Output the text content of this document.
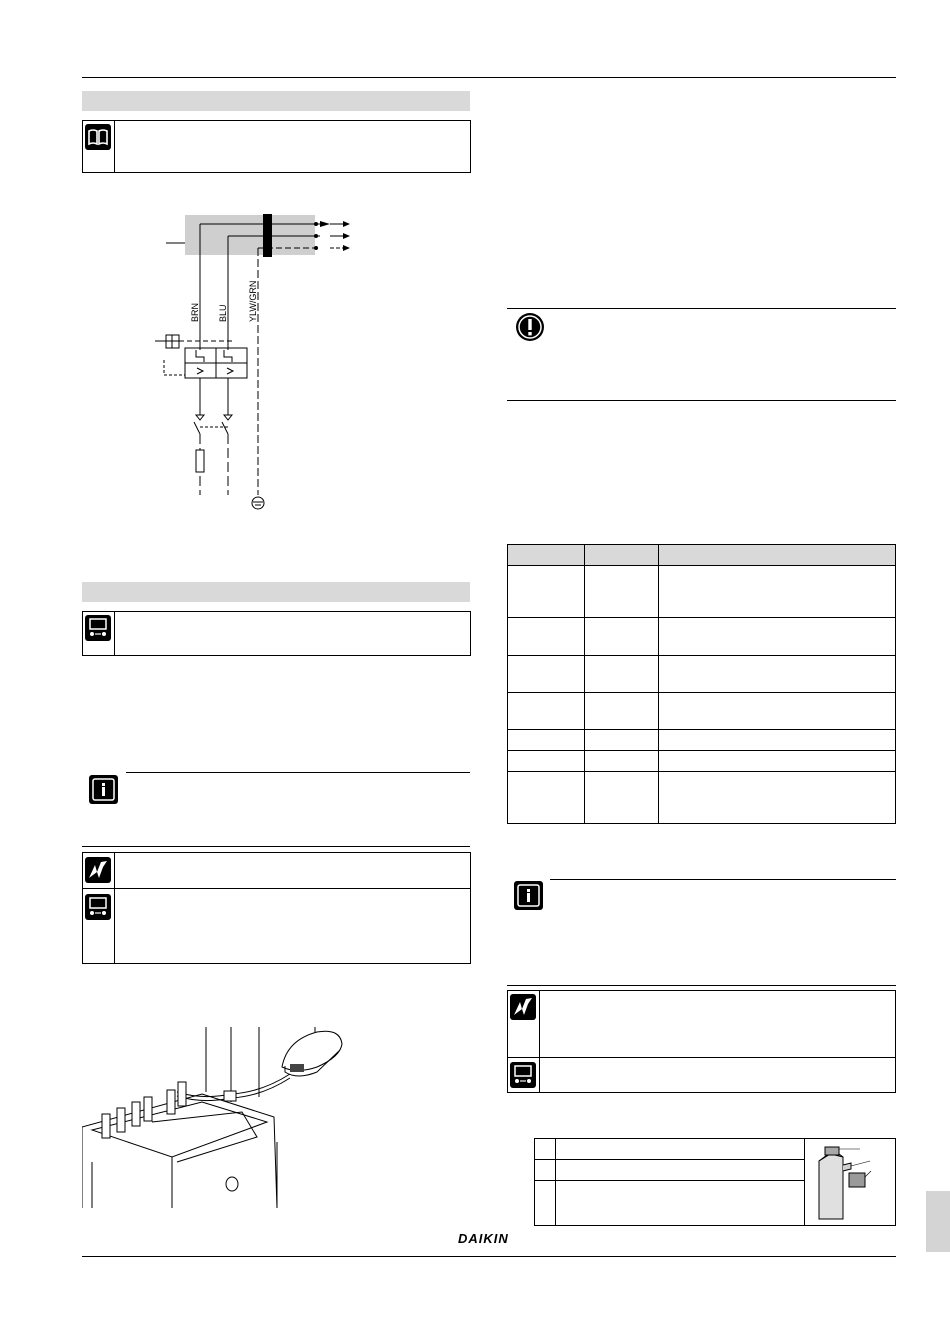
BRN BLU YLW/GRN

DAIKIN
